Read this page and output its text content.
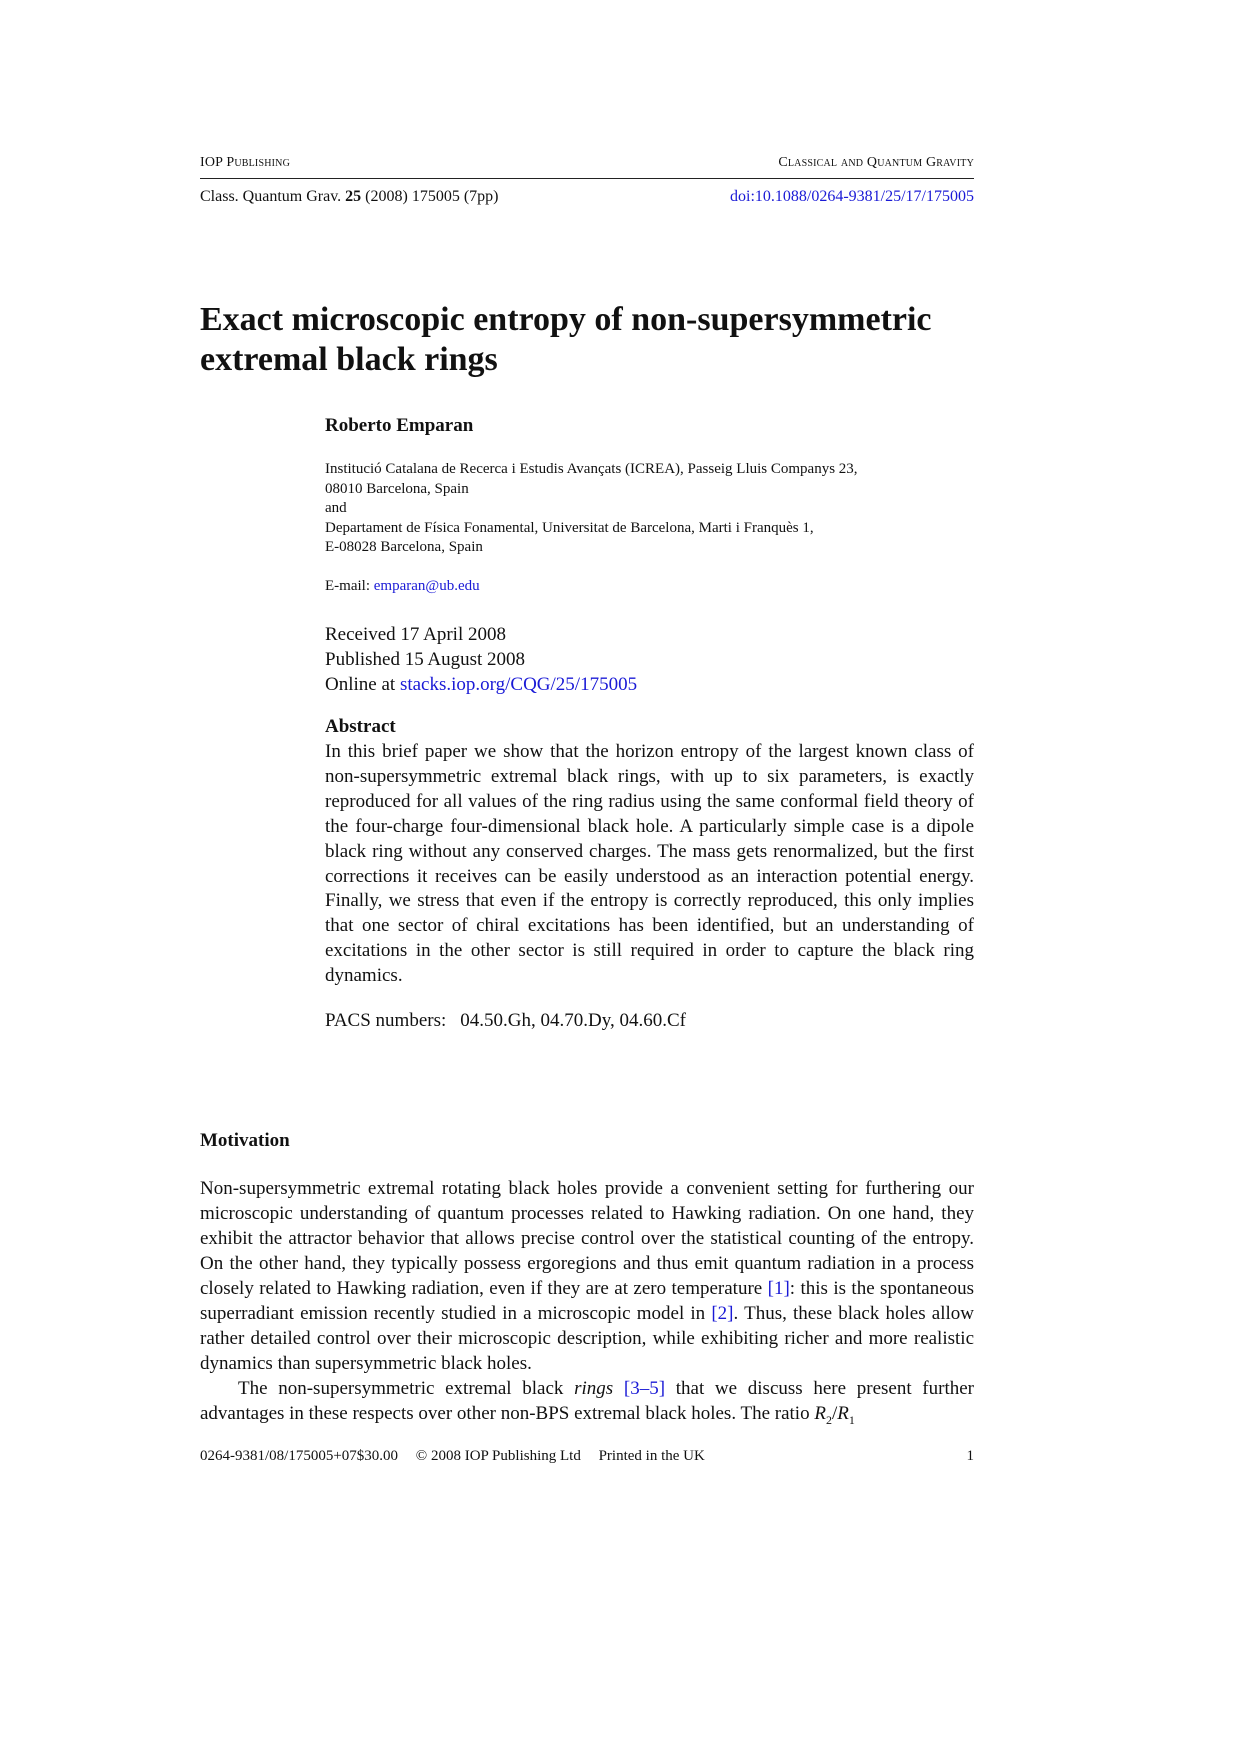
IOP Publishing	Classical and Quantum Gravity
Class. Quantum Grav. 25 (2008) 175005 (7pp)	doi:10.1088/0264-9381/25/17/175005
Exact microscopic entropy of non-supersymmetric extremal black rings
Roberto Emparan
Institució Catalana de Recerca i Estudis Avançats (ICREA), Passeig Lluis Companys 23,
08010 Barcelona, Spain
and
Departament de Física Fonamental, Universitat de Barcelona, Marti i Franquès 1,
E-08028 Barcelona, Spain
E-mail: emparan@ub.edu
Received 17 April 2008
Published 15 August 2008
Online at stacks.iop.org/CQG/25/175005
Abstract

In this brief paper we show that the horizon entropy of the largest known class of non-supersymmetric extremal black rings, with up to six parameters, is exactly reproduced for all values of the ring radius using the same conformal field theory of the four-charge four-dimensional black hole. A particularly simple case is a dipole black ring without any conserved charges. The mass gets renormalized, but the first corrections it receives can be easily understood as an interaction potential energy. Finally, we stress that even if the entropy is correctly reproduced, this only implies that one sector of chiral excitations has been identified, but an understanding of excitations in the other sector is still required in order to capture the black ring dynamics.

PACS numbers: 04.50.Gh, 04.70.Dy, 04.60.Cf
Motivation

Non-supersymmetric extremal rotating black holes provide a convenient setting for furthering our microscopic understanding of quantum processes related to Hawking radiation. On one hand, they exhibit the attractor behavior that allows precise control over the statistical counting of the entropy. On the other hand, they typically possess ergoregions and thus emit quantum radiation in a process closely related to Hawking radiation, even if they are at zero temperature [1]: this is the spontaneous superradiant emission recently studied in a microscopic model in [2]. Thus, these black holes allow rather detailed control over their microscopic description, while exhibiting richer and more realistic dynamics than supersymmetric black holes.

The non-supersymmetric extremal black rings [3–5] that we discuss here present further advantages in these respects over other non-BPS extremal black holes. The ratio $R_2/R_1$

0264-9381/08/175005+07$30.00 © 2008 IOP Publishing Ltd Printed in the UK	1
